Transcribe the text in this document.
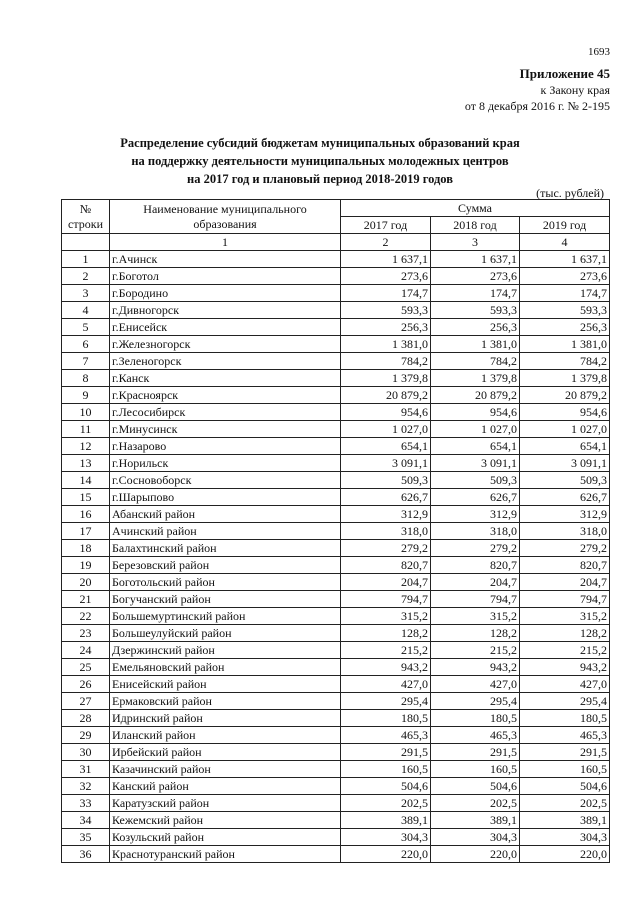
1693
Приложение 45
к Закону края
от 8 декабря 2016 г. № 2-195
Распределение субсидий бюджетам муниципальных образований края
на поддержку деятельности муниципальных молодежных центров
на 2017 год и плановый период 2018-2019 годов
(тыс. рублей)
№ строки	Наименование муниципального образования	Сумма		
		2017 год	2018 год	2019 год
	1	2	3	4
1	г.Ачинск	1 637,1	1 637,1	1 637,1
2	г.Боготол	273,6	273,6	273,6
3	г.Бородино	174,7	174,7	174,7
4	г.Дивногорск	593,3	593,3	593,3
5	г.Енисейск	256,3	256,3	256,3
6	г.Железногорск	1 381,0	1 381,0	1 381,0
7	г.Зеленогорск	784,2	784,2	784,2
8	г.Канск	1 379,8	1 379,8	1 379,8
9	г.Красноярск	20 879,2	20 879,2	20 879,2
10	г.Лесосибирск	954,6	954,6	954,6
11	г.Минусинск	1 027,0	1 027,0	1 027,0
12	г.Назарово	654,1	654,1	654,1
13	г.Норильск	3 091,1	3 091,1	3 091,1
14	г.Сосновоборск	509,3	509,3	509,3
15	г.Шарыпово	626,7	626,7	626,7
16	Абанский район	312,9	312,9	312,9
17	Ачинский район	318,0	318,0	318,0
18	Балахтинский район	279,2	279,2	279,2
19	Березовский район	820,7	820,7	820,7
20	Боготольский район	204,7	204,7	204,7
21	Богучанский район	794,7	794,7	794,7
22	Большемуртинский район	315,2	315,2	315,2
23	Большеулуйский район	128,2	128,2	128,2
24	Дзержинский район	215,2	215,2	215,2
25	Емельяновский район	943,2	943,2	943,2
26	Енисейский район	427,0	427,0	427,0
27	Ермаковский район	295,4	295,4	295,4
28	Идринский район	180,5	180,5	180,5
29	Иланский район	465,3	465,3	465,3
30	Ирбейский район	291,5	291,5	291,5
31	Казачинский район	160,5	160,5	160,5
32	Канский район	504,6	504,6	504,6
33	Каратузский район	202,5	202,5	202,5
34	Кежемский район	389,1	389,1	389,1
35	Козульский район	304,3	304,3	304,3
36	Краснотуранский район	220,0	220,0	220,0
